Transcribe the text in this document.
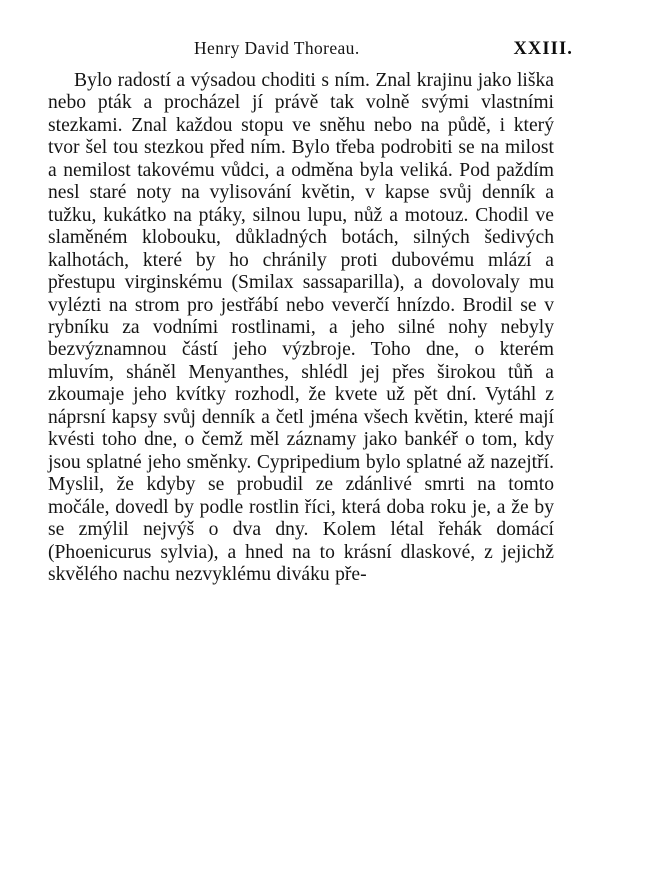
Henry David Thoreau.	XXIII.

Bylo radostí a výsadou choditi s ním. Znal krajinu jako liška nebo pták a procházel jí právě tak volně svými vlastními stezkami. Znal každou stopu ve sněhu nebo na půdě, i který tvor šel tou stezkou před ním. Bylo třeba podrobiti se na milost a nemilost takovému vůdci, a odměna byla veliká. Pod paždím nesl staré noty na vylisování květin, v kapse svůj denník a tužku, kukátko na ptáky, silnou lupu, nůž a motouz. Chodil ve slaměném klobouku, důkladných botách, silných šedivých kalhotách, které by ho chránily proti dubovému mlází a přestupu virginskému (Smilax sassaparilla), a dovolovaly mu vylézti na strom pro jestřábí nebo veverčí hnízdo. Brodil se v rybníku za vodními rostlinami, a jeho silné nohy nebyly bezvýznamnou částí jeho výzbroje. Toho dne, o kterém mluvím, sháněl Menyanthes, shlédl jej přes širokou tůň a zkoumaje jeho kvítky rozhodl, že kvete už pět dní. Vytáhl z náprsní kapsy svůj denník a četl jména všech květin, které mají kvésti toho dne, o čemž měl záznamy jako bankéř o tom, kdy jsou splatné jeho směnky. Cypripedium bylo splatné až nazejtří. Myslil, že kdyby se probudil ze zdánlivé smrti na tomto močále, dovedl by podle rostlin říci, která doba roku je, a že by se zmýlil nejvýš o dva dny. Kolem létal řehák domácí (Phoenicurus sylvia), a hned na to krásní dlaskové, z jejichž skvělého nachu nezvyklému diváku pře-
